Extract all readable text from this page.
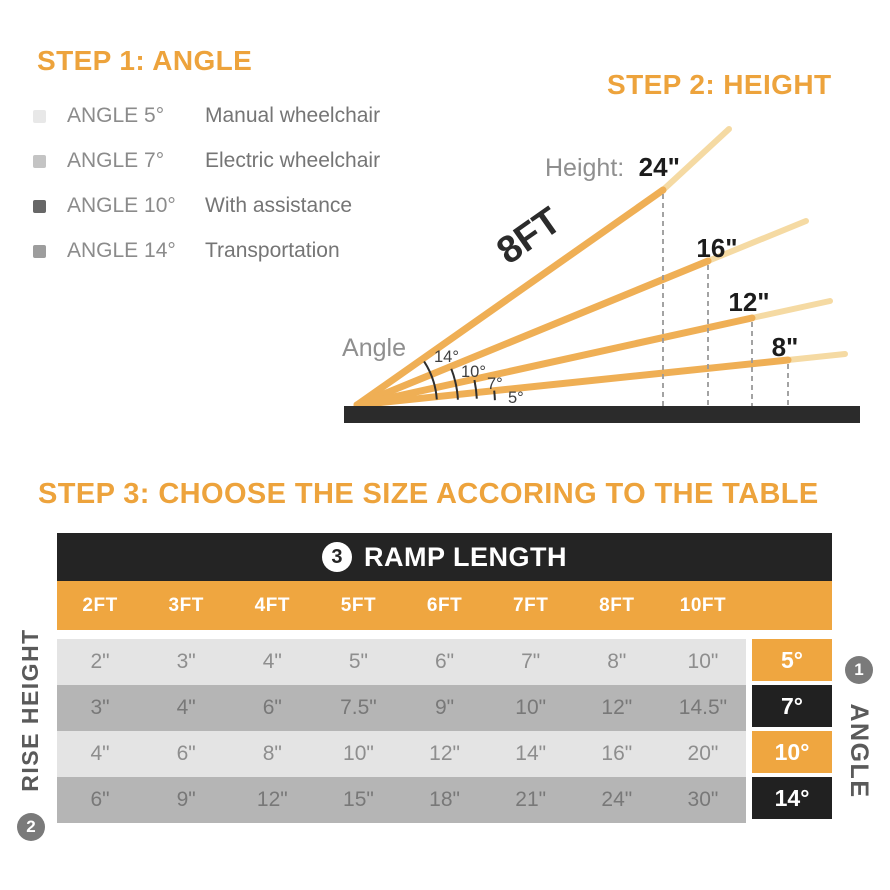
STEP 1: ANGLE
ANGLE 5°	Manual wheelchair
ANGLE 7°	Electric wheelchair
ANGLE 10°	With assistance
ANGLE 14°	Transportation
STEP 2: HEIGHT
14°
10°
7°
5°
Angle
8FT
Height: 24"
16"
12"
8"
STEP 3: CHOOSE THE SIZE ACCORING TO THE TABLE
3 RAMP LENGTH
2FT	3FT	4FT	5FT	6FT	7FT	8FT	10FT
2"	3"	4"	5"	6"	7"	8"	10"	5°
3"	4"	6"	7.5"	9"	10"	12"	14.5"	7°
4"	6"	8"	10"	12"	14"	16"	20"	10°
6"	9"	12"	15"	18"	21"	24"	30"	14°
RISE HEIGHT	ANGLE
2
1
